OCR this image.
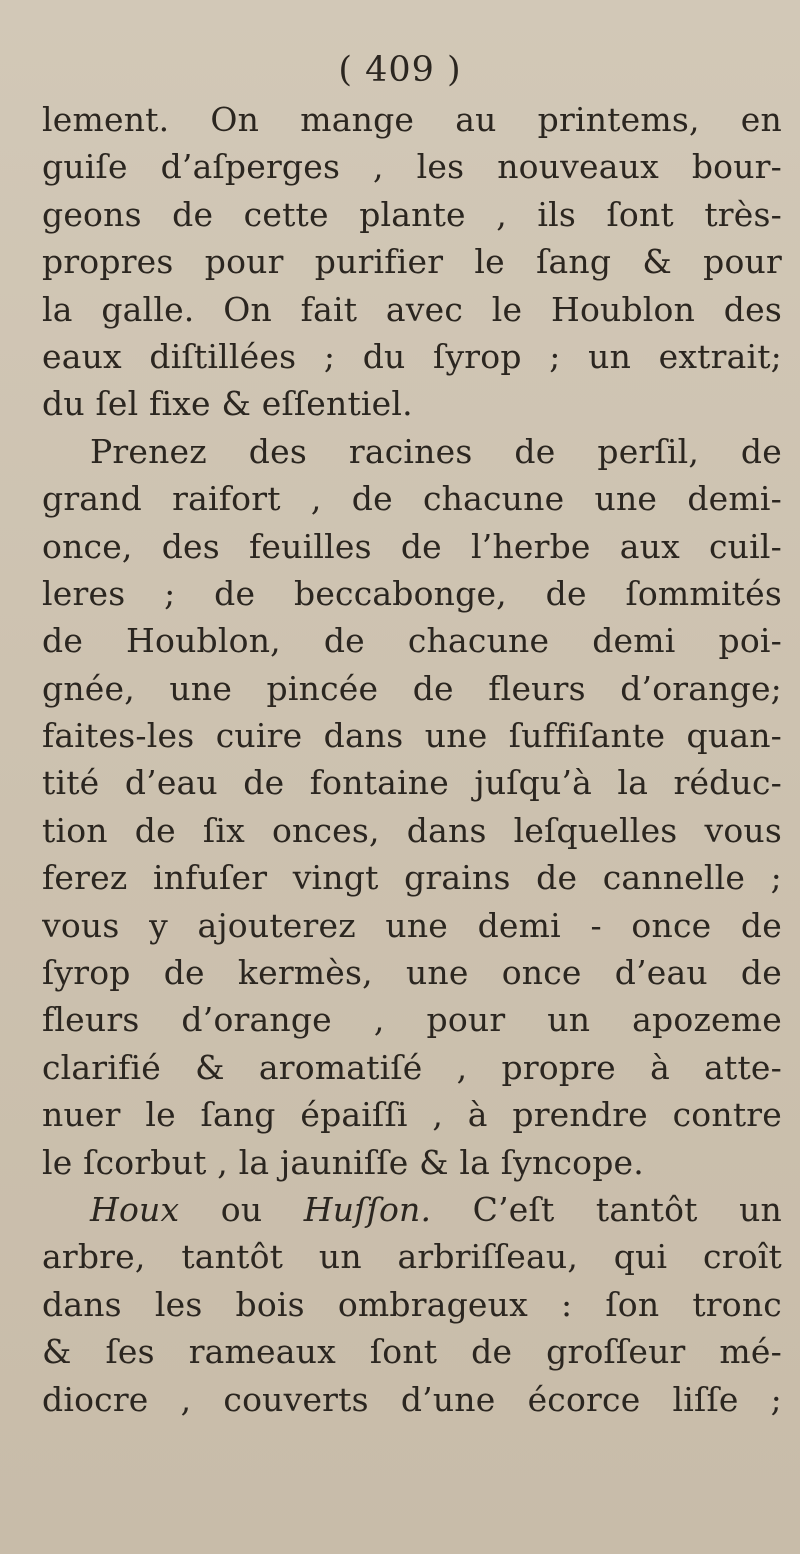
( 409 )
lement. On mange au printems, en
guiſe d’aſperges , les nouveaux bour-
geons de cette plante , ils ſont très-
propres pour purifier le ſang & pour
la galle. On fait avec le Houblon des
eaux diſtillées ; du ſyrop ; un extrait;
du ſel fixe & eſſentiel.
Prenez des racines de perſil, de
grand raifort , de chacune une demi-
once, des feuilles de l’herbe aux cuil-
leres ; de beccabonge, de ſommités
de Houblon, de chacune demi poi-
gnée, une pincée de fleurs d’orange;
faites-les cuire dans une ſuffiſante quan-
tité d’eau de fontaine juſqu’à la réduc-
tion de ſix onces, dans leſquelles vous
ferez infuſer vingt grains de cannelle ;
vous y ajouterez une demi - once de
ſyrop de kermès, une once d’eau de
fleurs d’orange , pour un apozeme
clarifié & aromatiſé , propre à atte-
nuer le ſang épaiſſi , à prendre contre
le ſcorbut , la jauniſſe & la ſyncope.
Houx ou Huſſon. C’eſt tantôt un
arbre, tantôt un arbriſſeau, qui croît
dans les bois ombrageux : ſon tronc
& ſes rameaux ſont de groſſeur mé-
diocre , couverts d’une écorce liſſe ;
